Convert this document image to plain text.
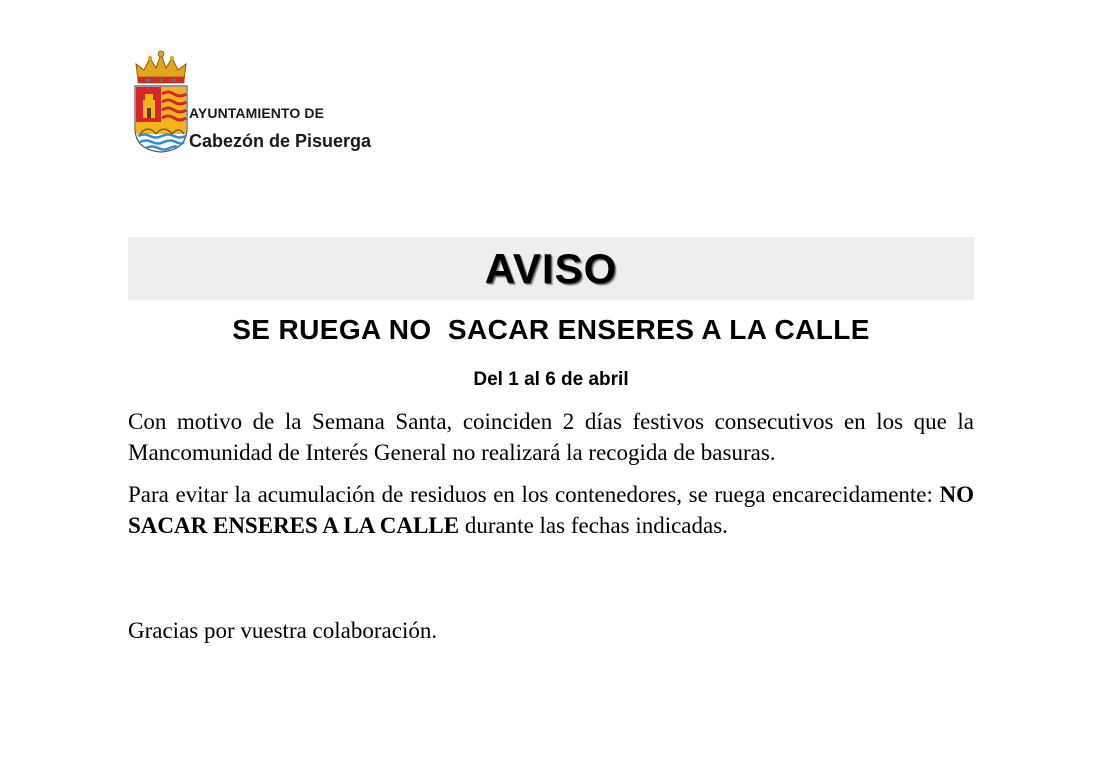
AYUNTAMIENTO DE
Cabezón de Pisuerga
AVISO
SE RUEGA NO  SACAR ENSERES A LA CALLE
Del 1 al 6 de abril
Con motivo de la Semana Santa, coinciden 2 días festivos consecutivos en los que la Mancomunidad de Interés General no realizará la recogida de basuras.
Para evitar la acumulación de residuos en los contenedores, se ruega encarecidamente: NO SACAR ENSERES A LA CALLE durante las fechas indicadas.
Gracias por vuestra colaboración.
